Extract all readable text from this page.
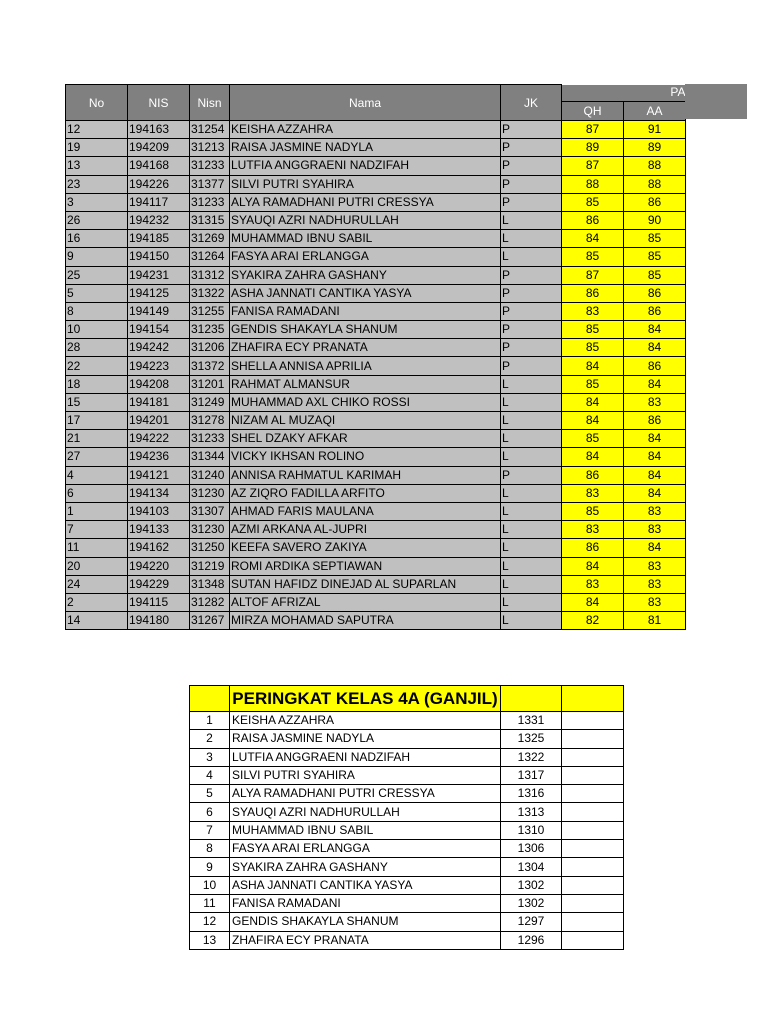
No	NIS	Nisn	Nama	JK	PA	
					QH	AA
12	194163	31254	KEISHA AZZAHRA	P	87	91
19	194209	31213	RAISA JASMINE NADYLA	P	89	89
13	194168	31233	LUTFIA ANGGRAENI NADZIFAH	P	87	88
23	194226	31377	SILVI PUTRI SYAHIRA	P	88	88
3	194117	31233	ALYA RAMADHANI PUTRI CRESSYA	P	85	86
26	194232	31315	SYAUQI AZRI NADHURULLAH	L	86	90
16	194185	31269	MUHAMMAD IBNU SABIL	L	84	85
9	194150	31264	FASYA ARAI ERLANGGA	L	85	85
25	194231	31312	SYAKIRA ZAHRA GASHANY	P	87	85
5	194125	31322	ASHA JANNATI CANTIKA YASYA	P	86	86
8	194149	31255	FANISA RAMADANI	P	83	86
10	194154	31235	GENDIS SHAKAYLA SHANUM	P	85	84
28	194242	31206	ZHAFIRA ECY PRANATA	P	85	84
22	194223	31372	SHELLA ANNISA APRILIA	P	84	86
18	194208	31201	RAHMAT ALMANSUR	L	85	84
15	194181	31249	MUHAMMAD AXL CHIKO ROSSI	L	84	83
17	194201	31278	NIZAM AL MUZAQI	L	84	86
21	194222	31233	SHEL DZAKY AFKAR	L	85	84
27	194236	31344	VICKY IKHSAN ROLINO	L	84	84
4	194121	31240	ANNISA RAHMATUL KARIMAH	P	86	84
6	194134	31230	AZ ZIQRO FADILLA ARFITO	L	83	84
1	194103	31307	AHMAD FARIS MAULANA	L	85	83
7	194133	31230	AZMI ARKANA AL-JUPRI	L	83	83
11	194162	31250	KEEFA SAVERO ZAKIYA	L	86	84
20	194220	31219	ROMI ARDIKA SEPTIAWAN	L	84	83
24	194229	31348	SUTAN HAFIDZ DINEJAD AL SUPARLAN	L	83	83
2	194115	31282	ALTOF AFRIZAL	L	84	83
14	194180	31267	MIRZA MOHAMAD SAPUTRA	L	82	81
	PERINGKAT KELAS 4A (GANJIL)		
1	KEISHA AZZAHRA	1331	
2	RAISA JASMINE NADYLA	1325	
3	LUTFIA ANGGRAENI NADZIFAH	1322	
4	SILVI PUTRI SYAHIRA	1317	
5	ALYA RAMADHANI PUTRI CRESSYA	1316	
6	SYAUQI AZRI NADHURULLAH	1313	
7	MUHAMMAD IBNU SABIL	1310	
8	FASYA ARAI ERLANGGA	1306	
9	SYAKIRA ZAHRA GASHANY	1304	
10	ASHA JANNATI CANTIKA YASYA	1302	
11	FANISA RAMADANI	1302	
12	GENDIS SHAKAYLA SHANUM	1297	
13	ZHAFIRA ECY PRANATA	1296	
